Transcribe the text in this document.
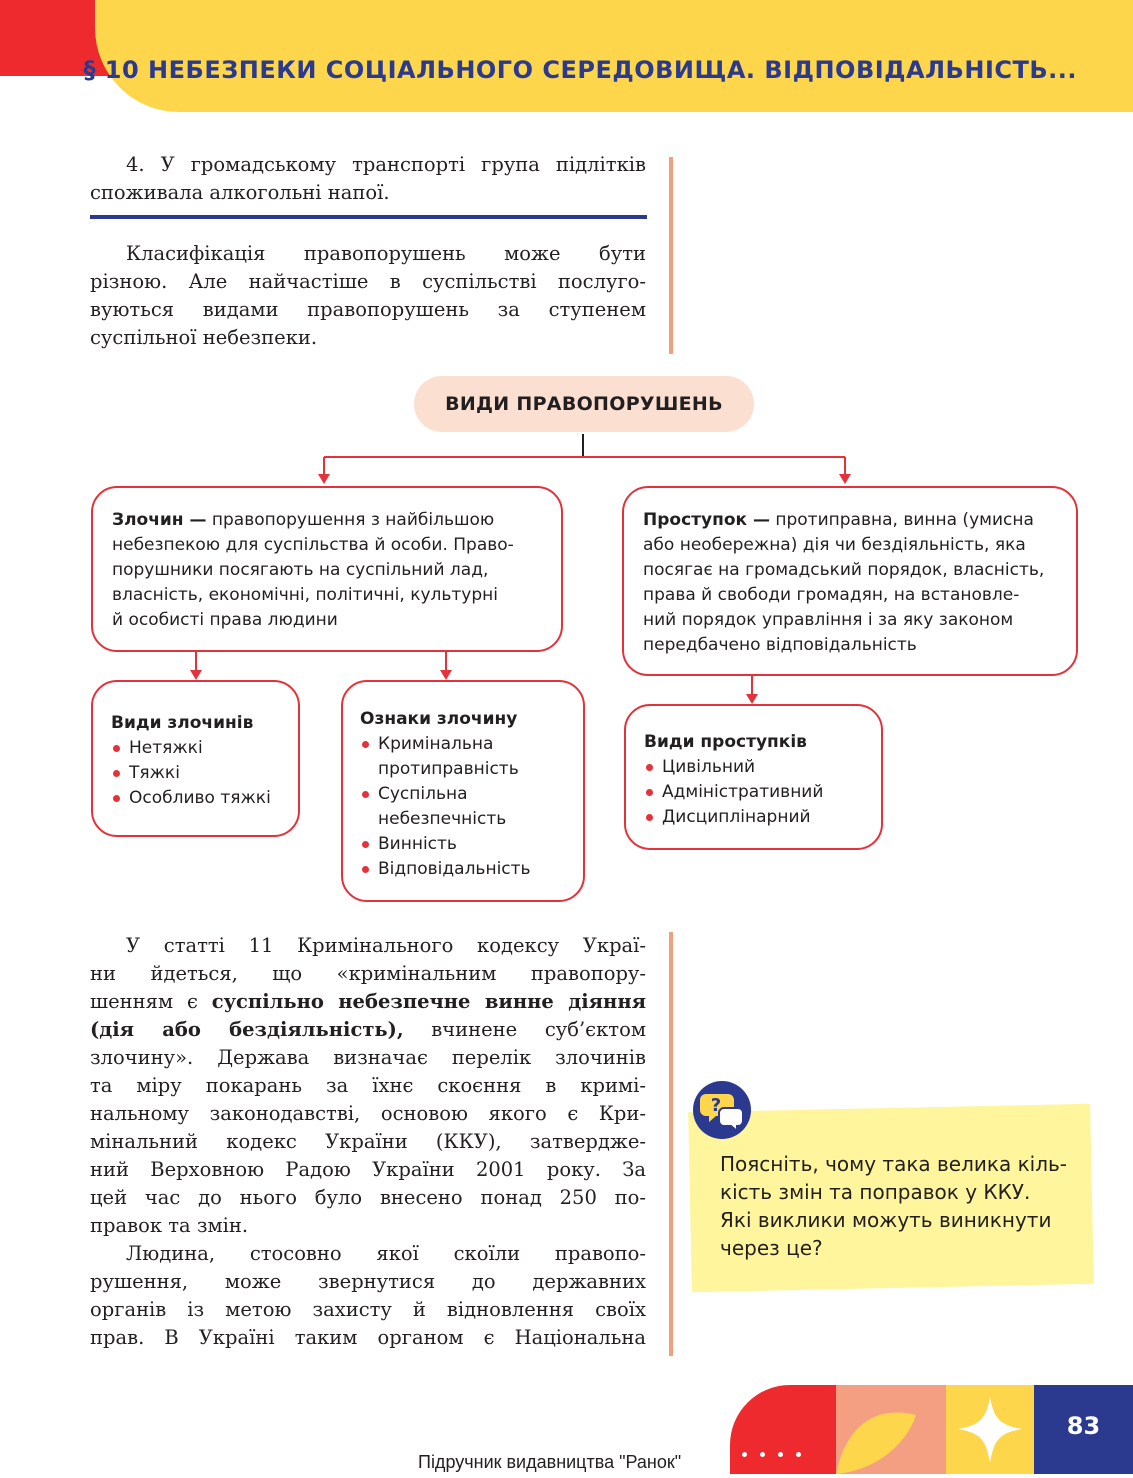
§ 10 НЕБЕЗПЕКИ СОЦІАЛЬНОГО СЕРЕДОВИЩА. ВІДПОВІДАЛЬНІСТЬ...
4. У громадському транспорті група підлітків
споживала алкогольні напої.
Класифікація правопорушень може бути
різною. Але найчастіше в суспільстві послуго-
вуються видами правопорушень за ступенем
суспільної небезпеки.
ВИДИ ПРАВОПОРУШЕНЬ
Злочин — правопорушення з найбільшою
небезпекою для суспільства й особи. Право-
порушники посягають на суспільний лад,
власність, економічні, політичні, культурні
й особисті права людини
Проступок — протиправна, винна (умисна
або необережна) дія чи бездіяльність, яка
посягає на громадський порядок, власність,
права й свободи громадян, на встановле-
ний порядок управління і за яку законом
передбачено відповідальність
Види злочинів
Нетяжкі
Тяжкі
Особливо тяжкі
Ознаки злочину
Кримінальна
протиправність
Суспільна
небезпечність
Винність
Відповідальність
Види проступків
Цивільний
Адміністративний
Дисциплінарний
У статті 11 Кримінального кодексу Украї-
ни йдеться, що «кримінальним правопору-
шенням є суспільно небезпечне винне діяння
(дія або бездіяльність), вчинене суб’єктом
злочину». Держава визначає перелік злочинів
та міру покарань за їхнє скоєння в кримі-
нальному законодавстві, основою якого є Кри-
мінальний кодекс України (ККУ), затвердже-
ний Верховною Радою України 2001 року. За
цей час до нього було внесено понад 250 по-
правок та змін.
Людина, стосовно якої скоїли правопо-
рушення, може звернутися до державних
органів із метою захисту й відновлення своїх
прав. В Україні таким органом є Національна
?
Поясніть, чому така велика кіль-
кість змін та поправок у ККУ.
Які виклики можуть виникнути
через це?
Підручник видавництва "Ранок"
83
